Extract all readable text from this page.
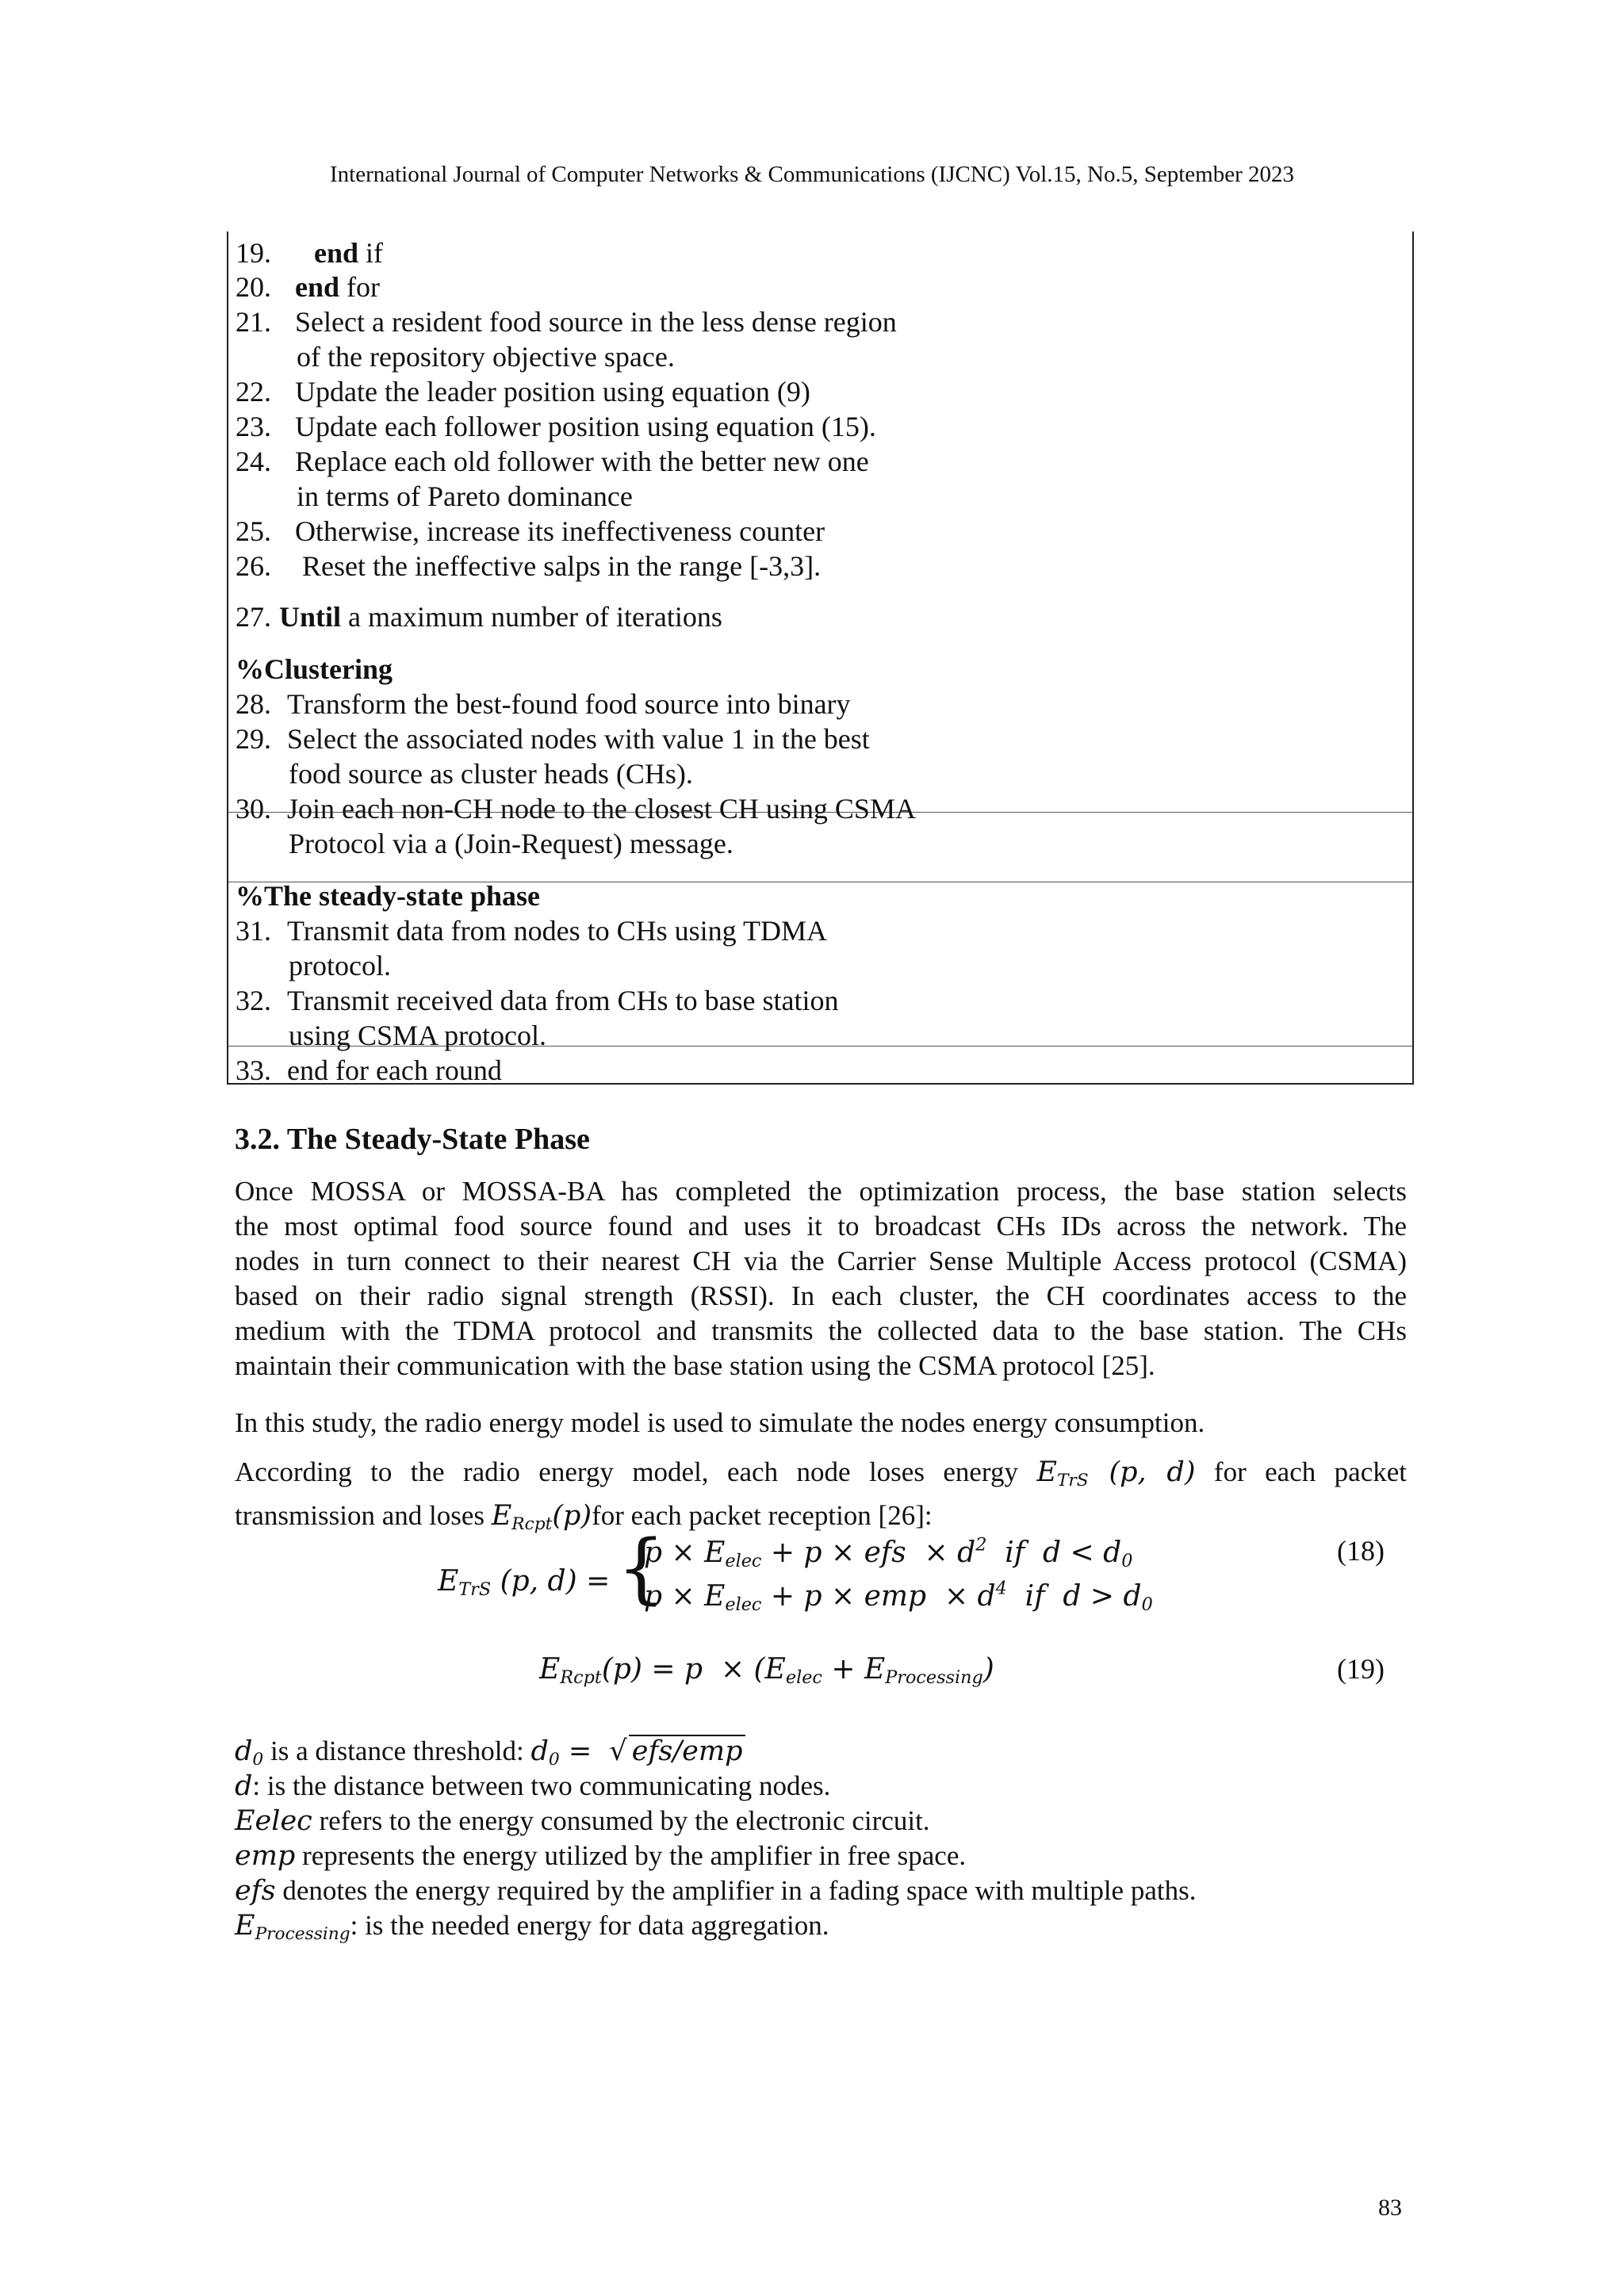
International Journal of Computer Networks & Communications (IJCNC) Vol.15, No.5, September 2023
19. end if
20. end for
21. Select a resident food source in the less dense region
of the repository objective space.
22. Update the leader position using equation (9)
23. Update each follower position using equation (15).
24. Replace each old follower with the better new one
in terms of Pareto dominance
25. Otherwise, increase its ineffectiveness counter
26. Reset the ineffective salps in the range [-3,3].
27. Until a maximum number of iterations
%Clustering
28. Transform the best-found food source into binary
29. Select the associated nodes with value 1 in the best
food source as cluster heads (CHs).
30. Join each non-CH node to the closest CH using CSMA
Protocol via a (Join-Request) message.
%The steady-state phase
31. Transmit data from nodes to CHs using TDMA
protocol.
32. Transmit received data from CHs to base station
using CSMA protocol.
33. end for each round
3.2. The Steady-State Phase
Once MOSSA or MOSSA-BA has completed the optimization process, the base station selects
the most optimal food source found and uses it to broadcast CHs IDs across the network. The
nodes in turn connect to their nearest CH via the Carrier Sense Multiple Access protocol (CSMA)
based on their radio signal strength (RSSI). In each cluster, the CH coordinates access to the
medium with the TDMA protocol and transmits the collected data to the base station. The CHs
maintain their communication with the base station using the CSMA protocol [25].
In this study, the radio energy model is used to simulate the nodes energy consumption.
According to the radio energy model, each node loses energy $E_{TrS}$ (p, d) for each packet
transmission and loses $E_{Rcpt}(p)for$ each packet reception [26]:
$E_{TrS}$ (p, d) = {
$p \times E_{elec} + p$ × efs  × $d^2$  if  $d < d_0$
$p \times E_{elec} + p$ × emp  × $d^4$  if  $d > d_0$
(18)
$E_{Rcpt}(p) = p \times (E_{elec} + E_{Processing})$	(19)
$d_0$ is a distance threshold: $d_0$ =  √ efs/emp
d: is the distance between two communicating nodes.
Eelec refers to the energy consumed by the electronic circuit.
emp represents the energy utilized by the amplifier in free space.
efs denotes the energy required by the amplifier in a fading space with multiple paths.
$E_{Processing}$: is the needed energy for data aggregation.
83
